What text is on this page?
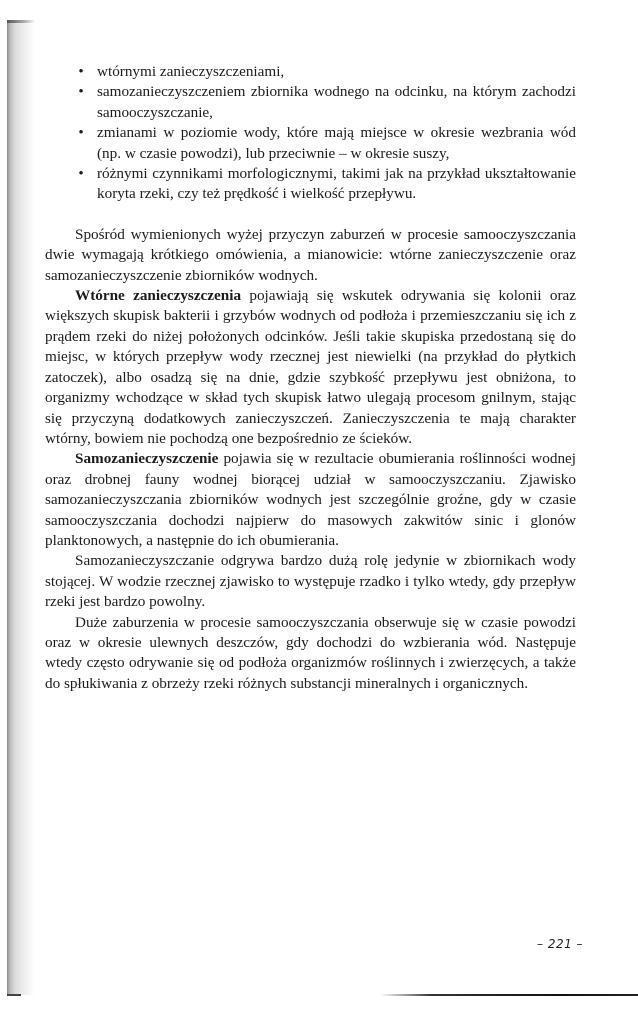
• wtórnymi zanieczyszczeniami,
• samozanieczyszczeniem zbiornika wodnego na odcinku, na którym zachodzi samooczyszczanie,
• zmianami w poziomie wody, które mają miejsce w okresie wezbrania wód (np. w czasie powodzi), lub przeciwnie – w okresie suszy,
• różnymi czynnikami morfologicznymi, takimi jak na przykład ukształtowanie koryta rzeki, czy też prędkość i wielkość przepływu.

Spośród wymienionych wyżej przyczyn zaburzeń w procesie samooczyszczania dwie wymagają krótkiego omówienia, a mianowicie: wtórne zanieczyszczenie oraz samozanieczyszczenie zbiorników wodnych.

Wtórne zanieczyszczenia pojawiają się wskutek odrywania się kolonii oraz większych skupisk bakterii i grzybów wodnych od podłoża i przemieszczaniu się ich z prądem rzeki do niżej położonych odcinków. Jeśli takie skupiska przedostaną się do miejsc, w których przepływ wody rzecznej jest niewielki (na przykład do płytkich zatoczek), albo osadzą się na dnie, gdzie szybkość przepływu jest obniżona, to organizmy wchodzące w skład tych skupisk łatwo ulegają procesom gnilnym, stając się przyczyną dodatkowych zanieczyszczeń. Zanieczyszczenia te mają charakter wtórny, bowiem nie pochodzą one bezpośrednio ze ścieków.

Samozanieczyszczenie pojawia się w rezultacie obumierania roślinności wodnej oraz drobnej fauny wodnej biorącej udział w samooczyszczaniu. Zjawisko samozanieczyszczania zbiorników wodnych jest szczególnie groźne, gdy w czasie samooczyszczania dochodzi najpierw do masowych zakwitów sinic i glonów planktonowych, a następnie do ich obumierania.

Samozanieczyszczanie odgrywa bardzo dużą rolę jedynie w zbiornikach wody stojącej. W wodzie rzecznej zjawisko to występuje rzadko i tylko wtedy, gdy przepływ rzeki jest bardzo powolny.

Duże zaburzenia w procesie samooczyszczania obserwuje się w czasie powodzi oraz w okresie ulewnych deszczów, gdy dochodzi do wzbierania wód. Następuje wtedy często odrywanie się od podłoża organizmów roślinnych i zwierzęcych, a także do spłukiwania z obrzeży rzeki różnych substancji mineralnych i organicznych.

– 221 –
